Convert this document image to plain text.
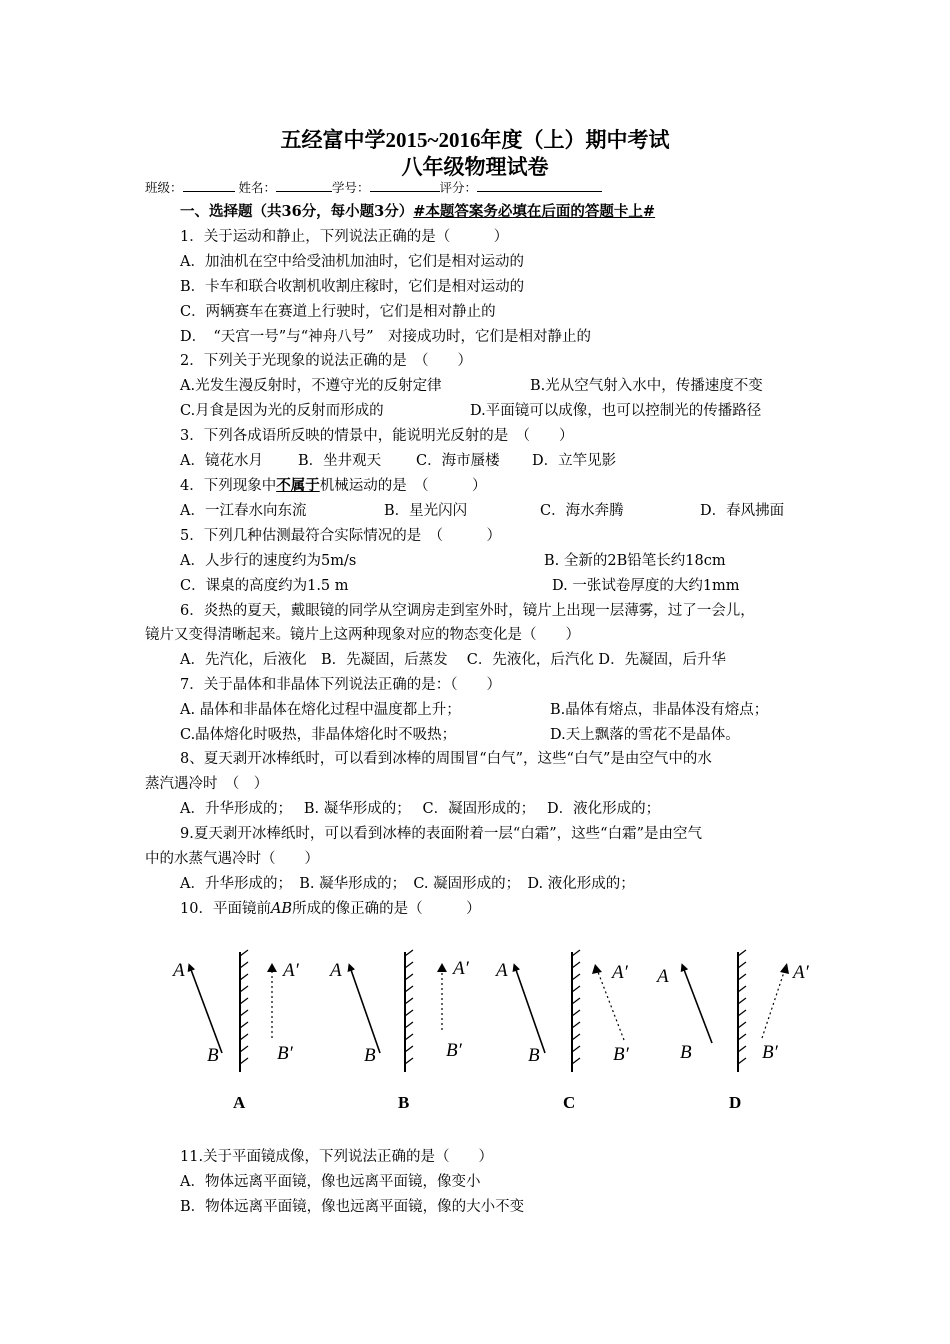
五经富中学2015~2016年度（上）期中考试
八年级物理试卷
班级：	姓名：	学号：	评分：
一、选择题（共36分，每小题3分）#本题答案务必填在后面的答题卡上#
1．关于运动和静止，下列说法正确的是（　　　）
A．加油机在空中给受油机加油时，它们是相对运动的
B．卡车和联合收割机收割庄稼时，它们是相对运动的
C．两辆赛车在赛道上行驶时，它们是相对静止的
D．　“天宫一号”与“神舟八号”　对接成功时，它们是相对静止的
2．下列关于光现象的说法正确的是　（　　）
A.光发生漫反射时，不遵守光的反射定律	B.光从空气射入水中，传播速度不变
C.月食是因为光的反射而形成的	D.平面镜可以成像，也可以控制光的传播路径
3．下列各成语所反映的情景中，能说明光反射的是　（　　）
A．镜花水月 B．坐井观天 C．海市蜃楼 D．立竿见影
4．下列现象中不属于机械运动的是　（　　　）
A．一江春水向东流	B．星光闪闪	C．海水奔腾	D．春风拂面
5．下列几种估测最符合实际情况的是　（　　　）
A．人步行的速度约为5m/s	B. 全新的2B铅笔长约18cm
C．课桌的高度约为1.5 m	D. 一张试卷厚度的大约1mm
6．炎热的夏天，戴眼镜的同学从空调房走到室外时，镜片上出现一层薄雾，过了一会儿，
镜片又变得清晰起来。镜片上这两种现象对应的物态变化是（　　）
A．先汽化，后液化　B．先凝固，后蒸发　 C．先液化，后汽化 D．先凝固，后升华
7．关于晶体和非晶体下列说法正确的是：（　　）
A. 晶体和非晶体在熔化过程中温度都上升；	B.晶体有熔点，非晶体没有熔点；
C.晶体熔化时吸热，非晶体熔化时不吸热；	D.天上飘落的雪花不是晶体。
8、夏天剥开冰棒纸时，可以看到冰棒的周围冒“白气”，这些“白气”是由空气中的水
蒸汽遇冷时　（　）
A．升华形成的；　 B. 凝华形成的；　 C．凝固形成的；　 D．液化形成的；
9.夏天剥开冰棒纸时，可以看到冰棒的表面附着一层“白霜”，这些“白霜”是由空气
中的水蒸气遇冷时（　　）
A．升华形成的；　B. 凝华形成的；　C. 凝固形成的；　D. 液化形成的；
10．平面镜前AB所成的像正确的是（　　　）
A
B
A′
B′
A
A
B
A′
B′
B
A
B
A′
B′
C
A
B
A′
B′
D
11.关于平面镜成像，下列说法正确的是（　　）
A．物体远离平面镜，像也远离平面镜，像变小
B．物体远离平面镜，像也远离平面镜，像的大小不变
